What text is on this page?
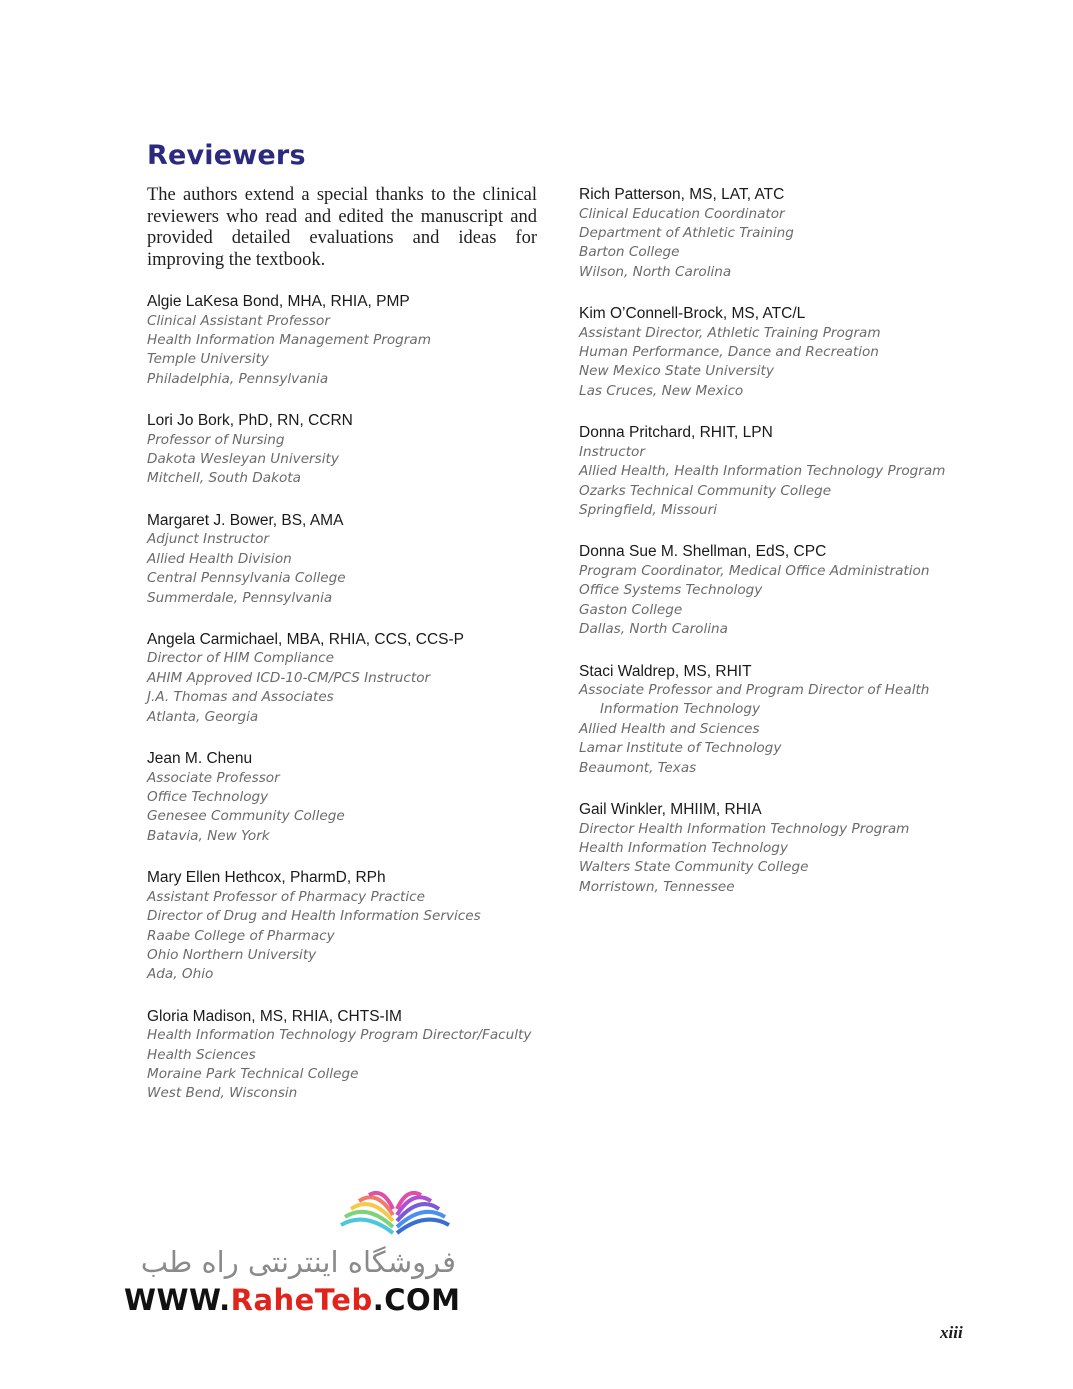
Reviewers

The authors extend a special thanks to the clinical reviewers who read and edited the manuscript and provided detailed evaluations and ideas for improving the textbook.

Algie LaKesa Bond, MHA, RHIA, PMP
Clinical Assistant Professor
Health Information Management Program
Temple University
Philadelphia, Pennsylvania
Lori Jo Bork, PhD, RN, CCRN
Professor of Nursing
Dakota Wesleyan University
Mitchell, South Dakota
Margaret J. Bower, BS, AMA
Adjunct Instructor
Allied Health Division
Central Pennsylvania College
Summerdale, Pennsylvania
Angela Carmichael, MBA, RHIA, CCS, CCS-P
Director of HIM Compliance
AHIM Approved ICD-10-CM/PCS Instructor
J.A. Thomas and Associates
Atlanta, Georgia
Jean M. Chenu
Associate Professor
Office Technology
Genesee Community College
Batavia, New York
Mary Ellen Hethcox, PharmD, RPh
Assistant Professor of Pharmacy Practice
Director of Drug and Health Information Services
Raabe College of Pharmacy
Ohio Northern University
Ada, Ohio
Gloria Madison, MS, RHIA, CHTS-IM
Health Information Technology Program Director/Faculty
Health Sciences
Moraine Park Technical College
West Bend, Wisconsin
Rich Patterson, MS, LAT, ATC
Clinical Education Coordinator
Department of Athletic Training
Barton College
Wilson, North Carolina
Kim O’Connell-Brock, MS, ATC/L
Assistant Director, Athletic Training Program
Human Performance, Dance and Recreation
New Mexico State University
Las Cruces, New Mexico
Donna Pritchard, RHIT, LPN
Instructor
Allied Health, Health Information Technology Program
Ozarks Technical Community College
Springfield, Missouri
Donna Sue M. Shellman, EdS, CPC
Program Coordinator, Medical Office Administration
Office Systems Technology
Gaston College
Dallas, North Carolina
Staci Waldrep, MS, RHIT
Associate Professor and Program Director of Health
Information Technology
Allied Health and Sciences
Lamar Institute of Technology
Beaumont, Texas
Gail Winkler, MHIIM, RHIA
Director Health Information Technology Program
Health Information Technology
Walters State Community College
Morristown, Tennessee
فروشگاه اینترنتی راه طب
WWW.RaheTeb.COM
xiii
